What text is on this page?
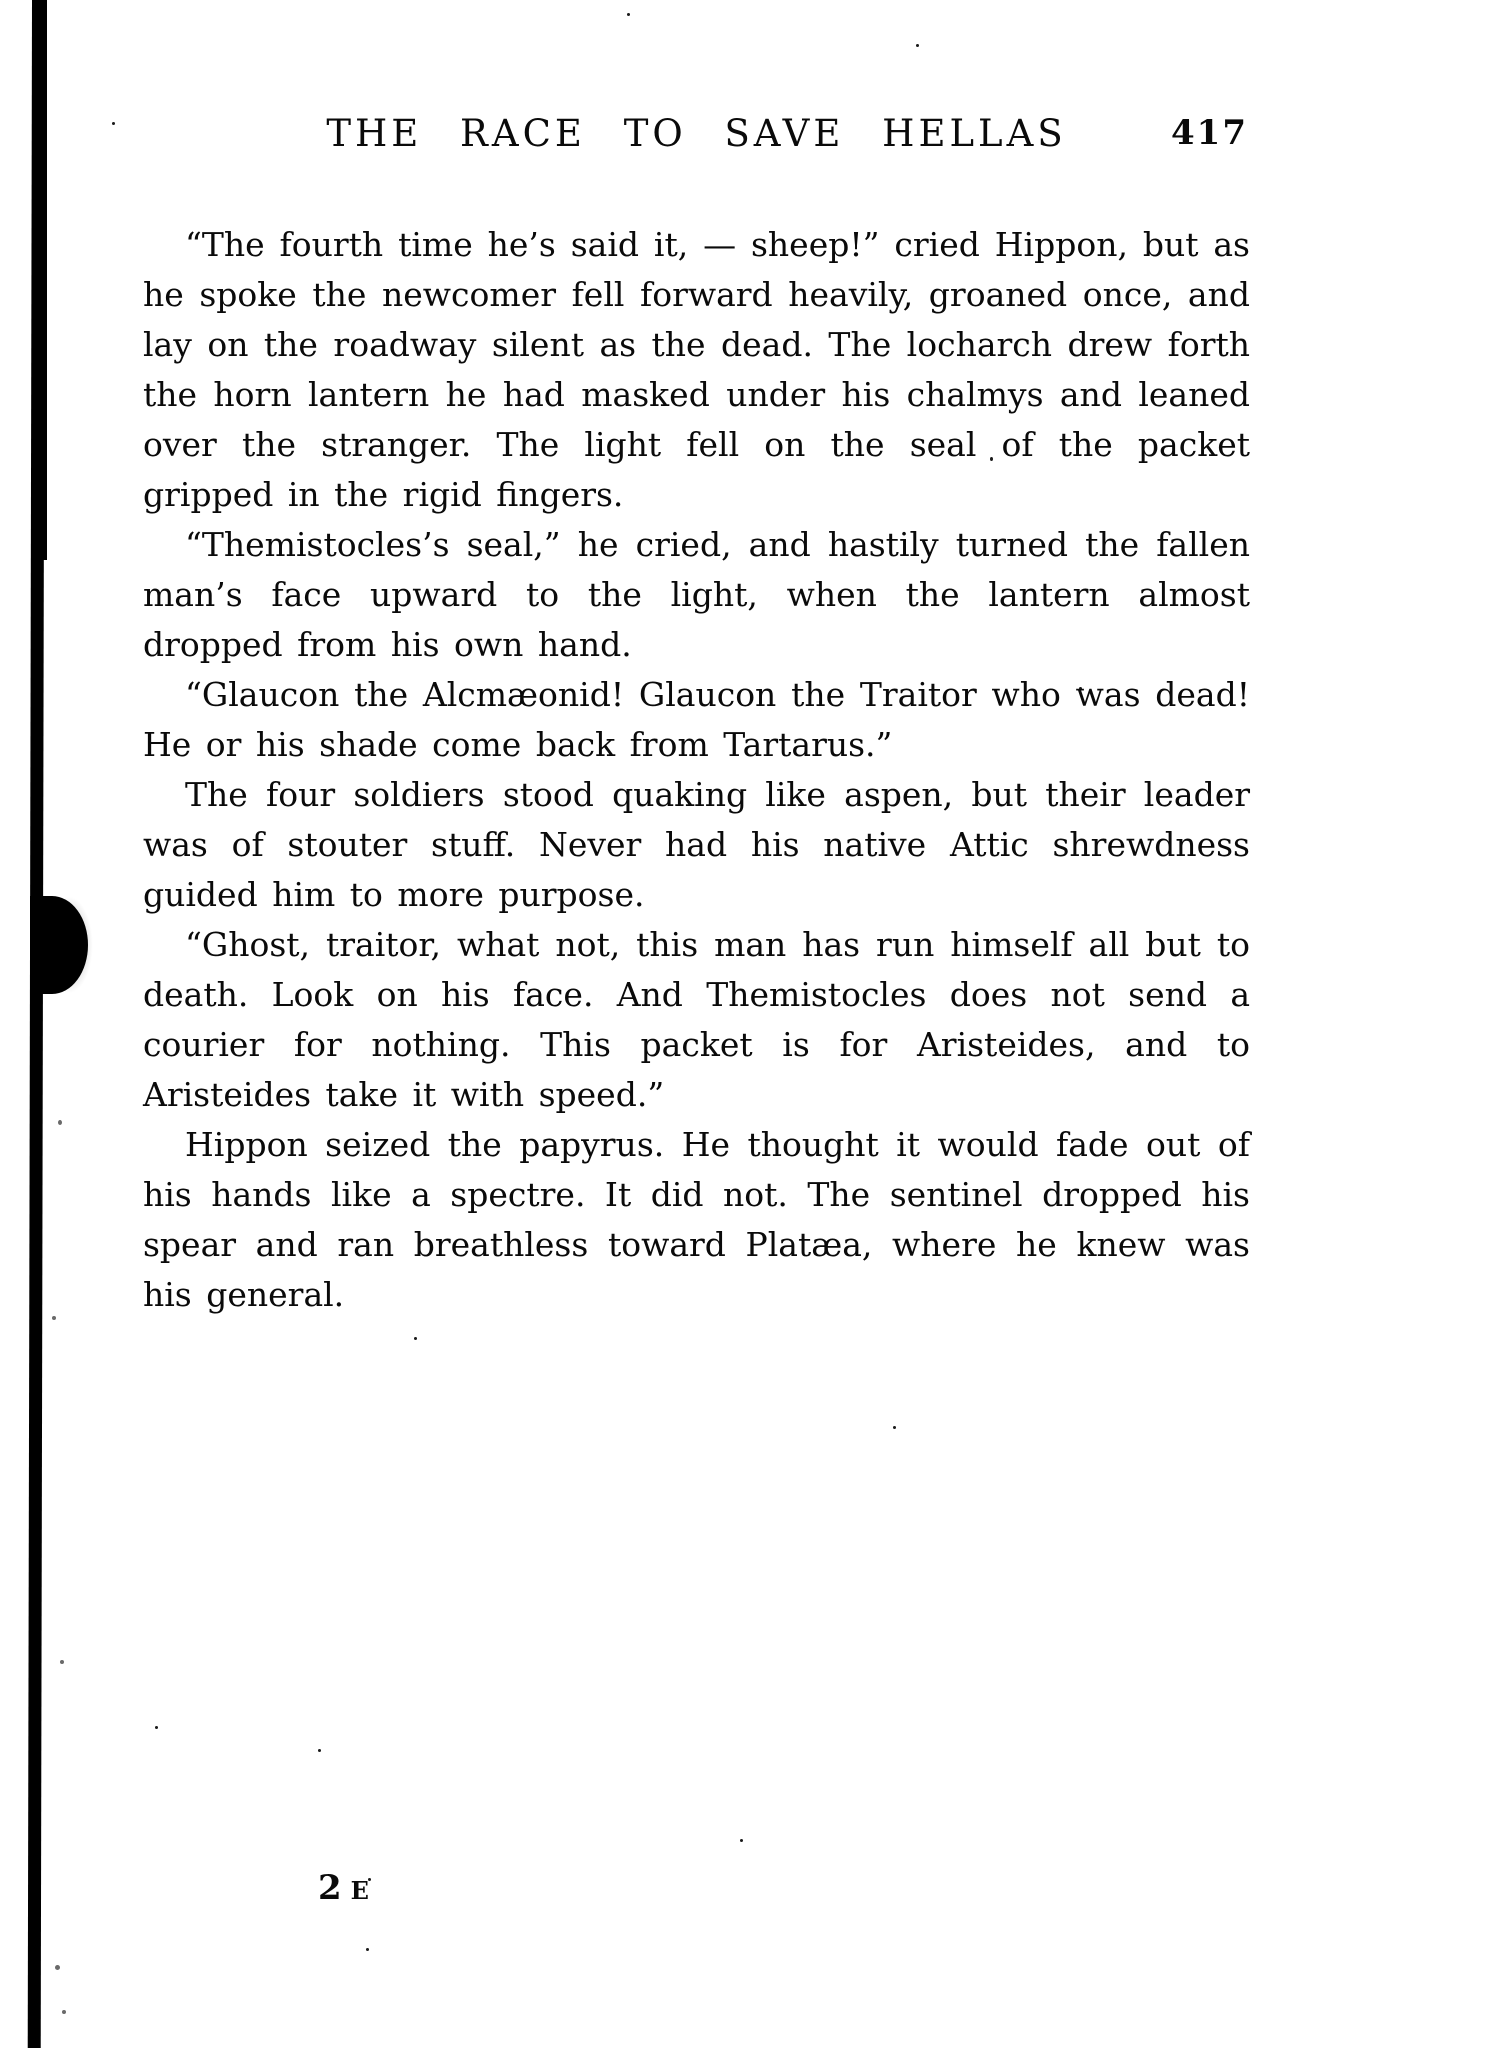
THE RACE TO SAVE HELLAS	417

“The fourth time he’s said it, — sheep!” cried Hippon, but as he spoke the newcomer fell forward heavily, groaned once, and lay on the roadway silent as the dead. The locharch drew forth the horn lantern he had masked under his chalmys and leaned over the stranger. The light fell on the seal of the packet gripped in the rigid fingers.

“Themistocles’s seal,” he cried, and hastily turned the fallen man’s face upward to the light, when the lantern almost dropped from his own hand.

“Glaucon the Alcmæonid! Glaucon the Traitor who was dead! He or his shade come back from Tartarus.”

The four soldiers stood quaking like aspen, but their leader was of stouter stuff. Never had his native Attic shrewdness guided him to more purpose.

“Ghost, traitor, what not, this man has run himself all but to death. Look on his face. And Themistocles does not send a courier for nothing. This packet is for Aristeides, and to Aristeides take it with speed.”

Hippon seized the papyrus. He thought it would fade out of his hands like a spectre. It did not. The sentinel dropped his spear and ran breathless toward Platæa, where he knew was his general.

2 E
